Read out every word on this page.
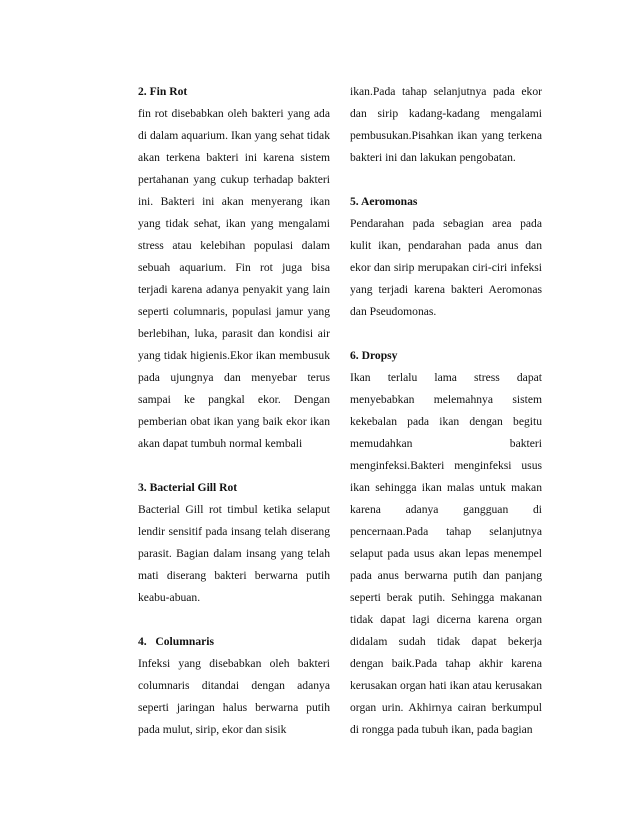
2. Fin Rot

fin rot disebabkan oleh bakteri yang ada di dalam aquarium. Ikan yang sehat tidak akan terkena bakteri ini karena sistem pertahanan yang cukup terhadap bakteri ini. Bakteri ini akan menyerang ikan yang tidak sehat, ikan yang mengalami stress atau kelebihan populasi dalam sebuah aquarium. Fin rot juga bisa terjadi karena adanya penyakit yang lain seperti columnaris, populasi jamur yang berlebihan, luka, parasit dan kondisi air yang tidak higienis.Ekor ikan membusuk pada ujungnya dan menyebar terus sampai ke pangkal ekor. Dengan pemberian obat ikan yang baik ekor ikan akan dapat tumbuh normal kembali

3. Bacterial Gill Rot

Bacterial Gill rot timbul ketika selaput lendir sensitif pada insang telah diserang parasit. Bagian dalam insang yang telah mati diserang bakteri berwarna putih keabu-abuan.

4.   Columnaris

Infeksi yang disebabkan oleh bakteri columnaris ditandai dengan adanya seperti jaringan halus berwarna putih pada mulut, sirip, ekor dan sisik

ikan.Pada tahap selanjutnya pada ekor dan sirip kadang-kadang mengalami pembusukan.Pisahkan ikan yang terkena bakteri ini dan lakukan pengobatan.

5. Aeromonas

Pendarahan pada sebagian area pada kulit ikan, pendarahan pada anus dan ekor dan sirip merupakan ciri-ciri infeksi yang terjadi karena bakteri Aeromonas dan Pseudomonas.

6. Dropsy

Ikan terlalu lama stress dapat menyebabkan melemahnya sistem kekebalan pada ikan dengan begitu memudahkan bakteri menginfeksi.Bakteri menginfeksi usus ikan sehingga ikan malas untuk makan karena adanya gangguan di pencernaan.Pada tahap selanjutnya selaput pada usus akan lepas menempel pada anus berwarna putih dan panjang seperti berak putih. Sehingga makanan tidak dapat lagi dicerna karena organ didalam sudah tidak dapat bekerja dengan baik.Pada tahap akhir karena kerusakan organ hati ikan atau kerusakan organ urin. Akhirnya cairan berkumpul di rongga pada tubuh ikan, pada bagian
